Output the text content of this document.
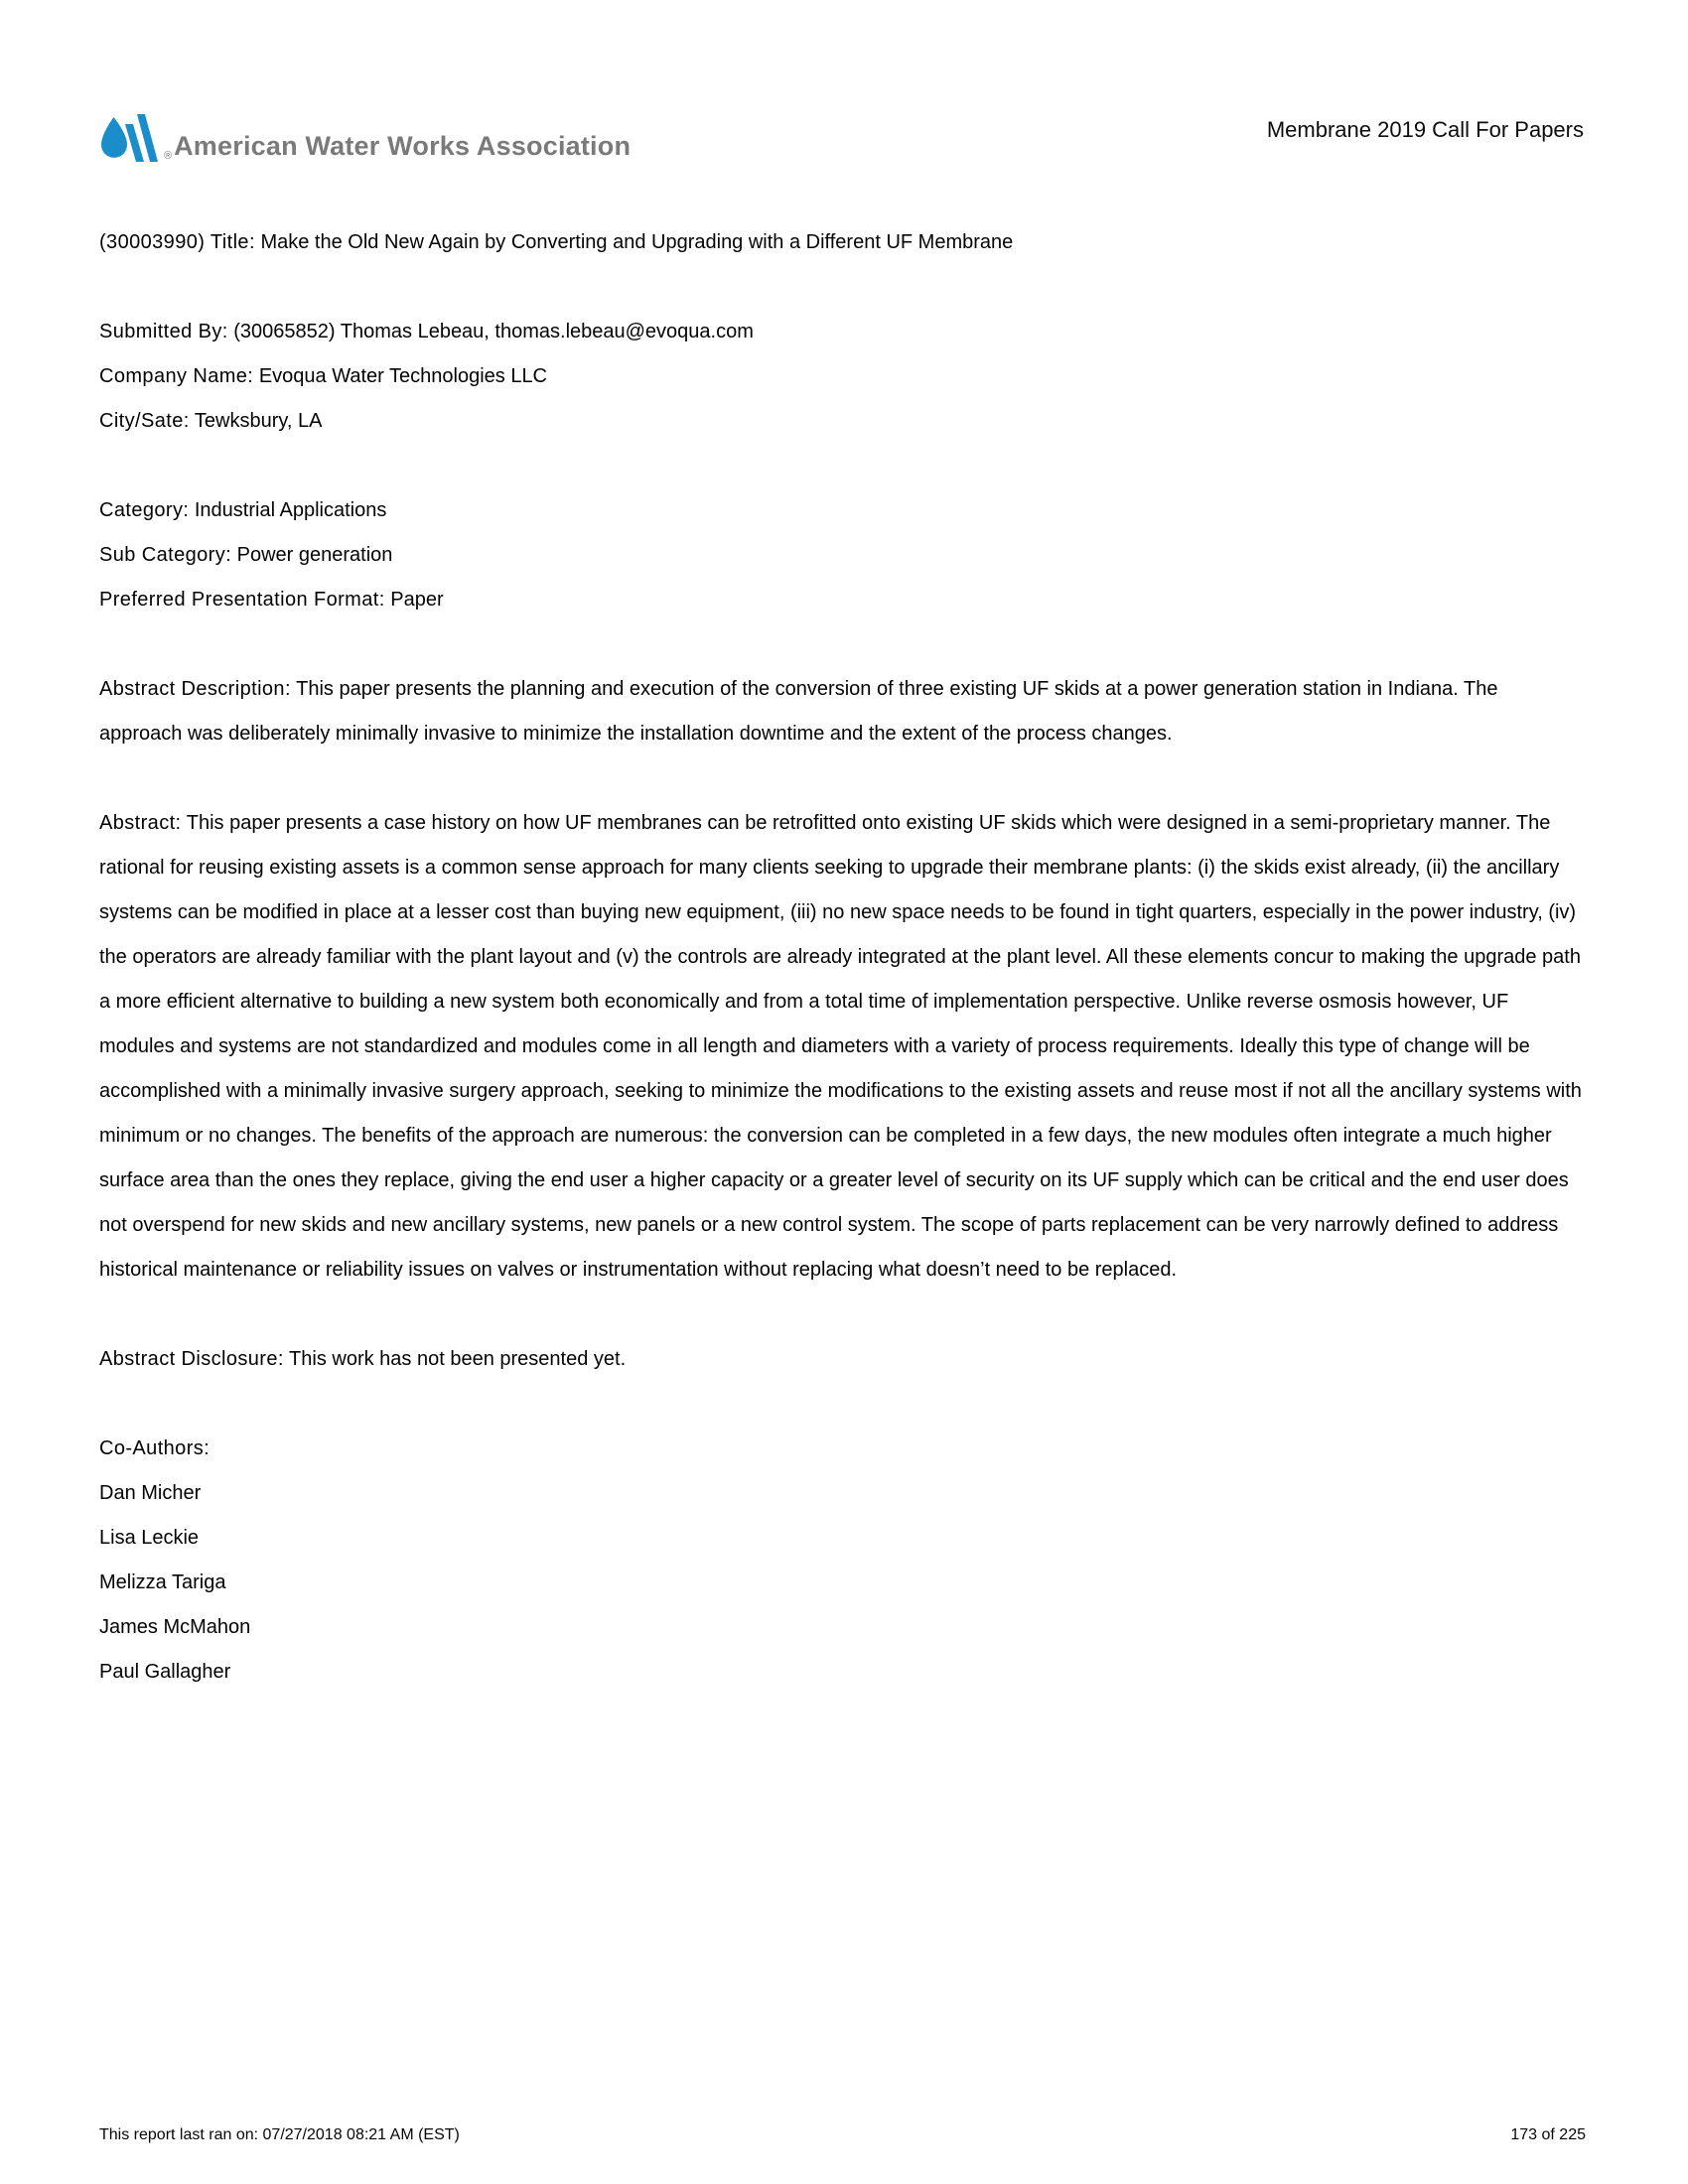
® American Water Works Association
Membrane 2019 Call For Papers

(30003990) Title: Make the Old New Again by Converting and Upgrading with a Different UF Membrane

Submitted By: (30065852) Thomas Lebeau, thomas.lebeau@evoqua.com

Company Name: Evoqua Water Technologies LLC

City/Sate: Tewksbury, LA

Category: Industrial Applications

Sub Category: Power generation

Preferred Presentation Format: Paper

Abstract Description: This paper presents the planning and execution of the conversion of three existing UF skids at a power generation station in Indiana. The approach was deliberately minimally invasive to minimize the installation downtime and the extent of the process changes.

Abstract: This paper presents a case history on how UF membranes can be retrofitted onto existing UF skids which were designed in a semi-proprietary manner. The rational for reusing existing assets is a common sense approach for many clients seeking to upgrade their membrane plants: (i) the skids exist already, (ii) the ancillary systems can be modified in place at a lesser cost than buying new equipment, (iii) no new space needs to be found in tight quarters, especially in the power industry, (iv) the operators are already familiar with the plant layout and (v) the controls are already integrated at the plant level. All these elements concur to making the upgrade path a more efficient alternative to building a new system both economically and from a total time of implementation perspective. Unlike reverse osmosis however, UF modules and systems are not standardized and modules come in all length and diameters with a variety of process requirements. Ideally this type of change will be accomplished with a minimally invasive surgery approach, seeking to minimize the modifications to the existing assets and reuse most if not all the ancillary systems with minimum or no changes. The benefits of the approach are numerous: the conversion can be completed in a few days, the new modules often integrate a much higher surface area than the ones they replace, giving the end user a higher capacity or a greater level of security on its UF supply which can be critical and the end user does not overspend for new skids and new ancillary systems, new panels or a new control system. The scope of parts replacement can be very narrowly defined to address historical maintenance or reliability issues on valves or instrumentation without replacing what doesn’t need to be replaced.

Abstract Disclosure: This work has not been presented yet.

Co-Authors:

Dan Micher

Lisa Leckie

Melizza Tariga

James McMahon

Paul Gallagher

This report last ran on: 07/27/2018 08:21 AM (EST)	173 of 225
